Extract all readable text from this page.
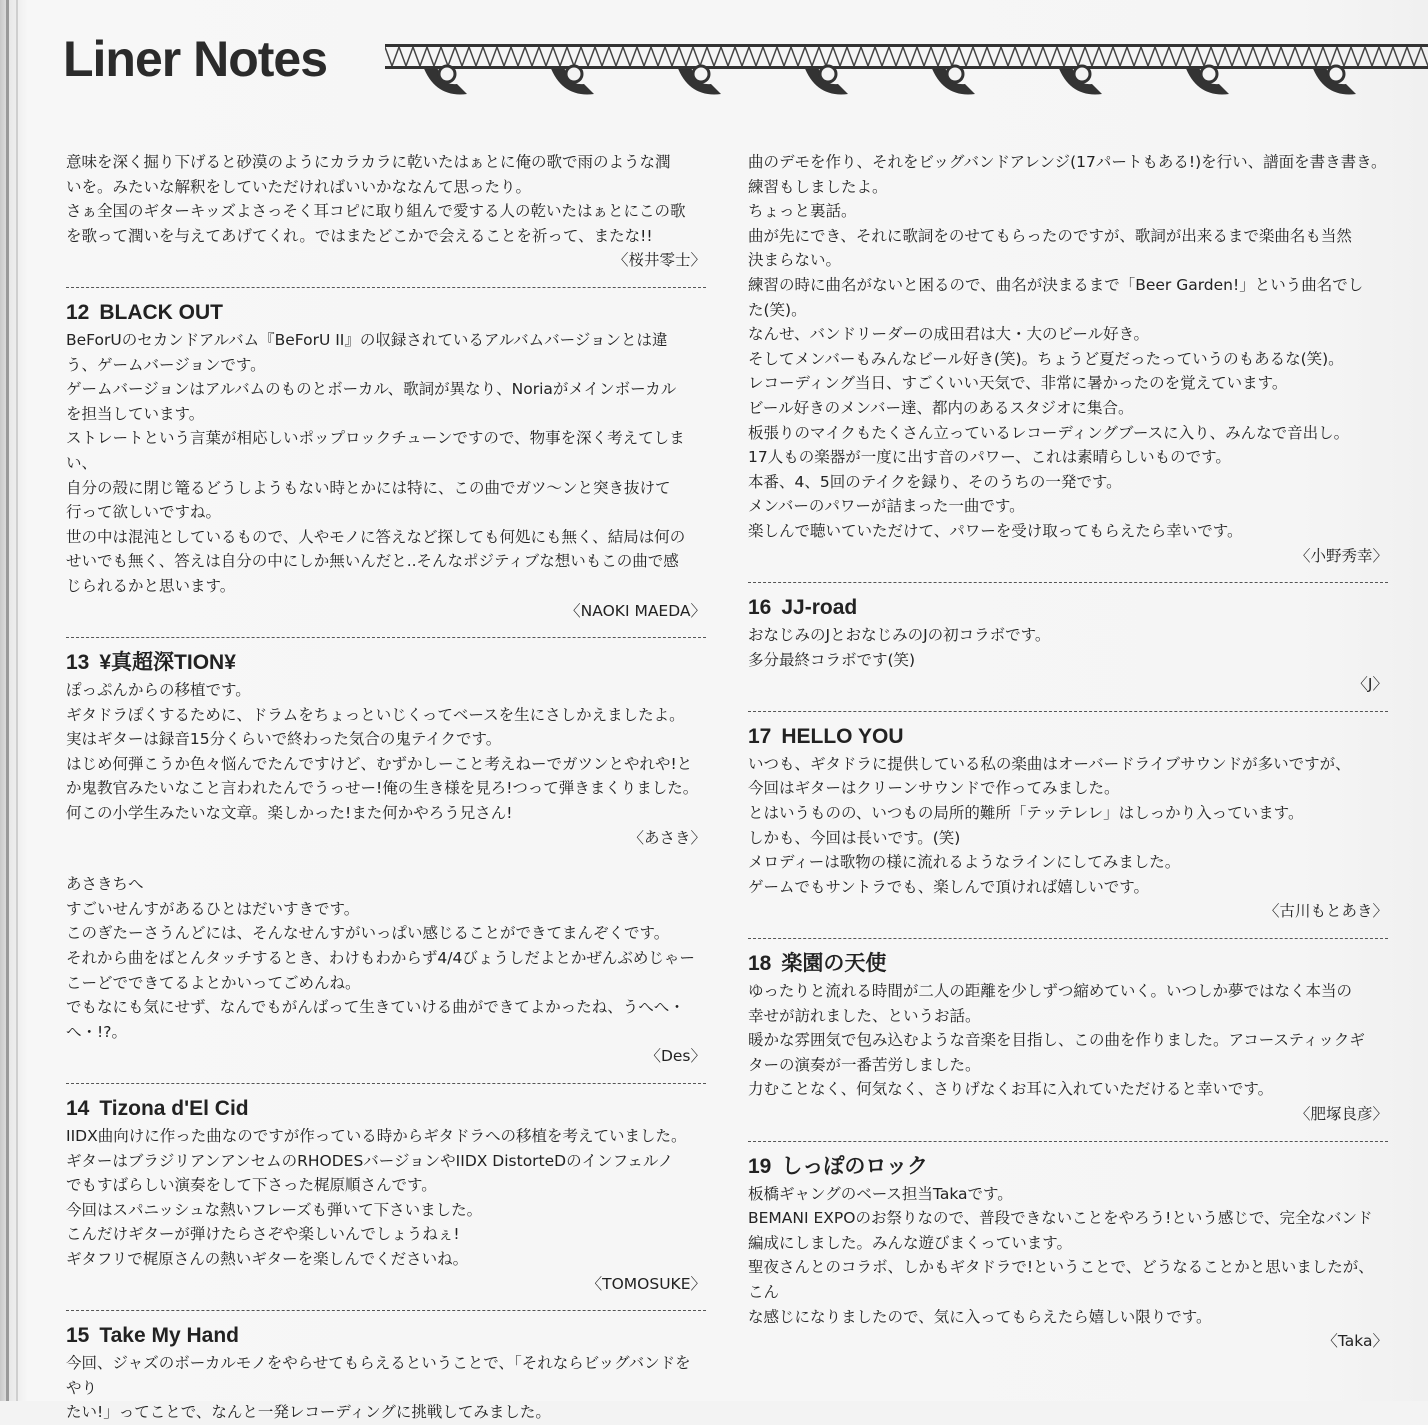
Liner Notes

意味を深く掘り下げると砂漠のようにカラカラに乾いたはぁとに俺の歌で雨のような潤

いを。みたいな解釈をしていただければいいかななんて思ったり。

さぁ全国のギターキッズよさっそく耳コピに取り組んで愛する人の乾いたはぁとにこの歌

を歌って潤いを与えてあげてくれ。ではまたどこかで会えることを祈って、またな!!

〈桜井零士〉

12 BLACK OUT

BeForUのセカンドアルバム『BeForU II』の収録されているアルバムバージョンとは違

う、ゲームバージョンです。

ゲームバージョンはアルバムのものとボーカル、歌詞が異なり、Noriaがメインボーカル

を担当しています。

ストレートという言葉が相応しいポップロックチューンですので、物事を深く考えてしまい、

自分の殻に閉じ篭るどうしようもない時とかには特に、この曲でガツ〜ンと突き抜けて

行って欲しいですね。

世の中は混沌としているもので、人やモノに答えなど探しても何処にも無く、結局は何の

せいでも無く、答えは自分の中にしか無いんだと..そんなポジティブな想いもこの曲で感

じられるかと思います。

〈NAOKI MAEDA〉

13 ¥真超深TION¥

ぽっぷんからの移植です。

ギタドラぽくするために、ドラムをちょっといじくってベースを生にさしかえましたよ。

実はギターは録音15分くらいで終わった気合の鬼テイクです。

はじめ何弾こうか色々悩んでたんですけど、むずかしーこと考えねーでガツンとやれや!と

か鬼教官みたいなこと言われたんでうっせー!俺の生き様を見ろ!つって弾きまくりました。

何この小学生みたいな文章。楽しかった!また何かやろう兄さん!

〈あさき〉

あさきちへ

すごいせんすがあるひとはだいすきです。

このぎたーさうんどには、そんなせんすがいっぱい感じることができてまんぞくです。

それから曲をばとんタッチするとき、わけもわからず4/4びょうしだよとかぜんぶめじゃー

こーどでできてるよとかいってごめんね。

でもなにも気にせず、なんでもがんばって生きていける曲ができてよかったね、うへへ・へ・!?。

〈Des〉

14 Tizona d'El Cid

IIDX曲向けに作った曲なのですが作っている時からギタドラへの移植を考えていました。

ギターはブラジリアンアンセムのRHODESバージョンやIIDX DistorteDのインフェルノ

でもすばらしい演奏をして下さった梶原順さんです。

今回はスパニッシュな熱いフレーズも弾いて下さいました。

こんだけギターが弾けたらさぞや楽しいんでしょうねぇ!

ギタフリで梶原さんの熱いギターを楽しんでくださいね。

〈TOMOSUKE〉

15 Take My Hand

今回、ジャズのボーカルモノをやらせてもらえるということで、「それならビッグバンドをやり

たい!」ってことで、なんと一発レコーディングに挑戦してみました。

曲のデモを作り、それをビッグバンドアレンジ(17パートもある!)を行い、譜面を書き書き。

練習もしましたよ。

ちょっと裏話。

曲が先にでき、それに歌詞をのせてもらったのですが、歌詞が出来るまで楽曲名も当然

決まらない。

練習の時に曲名がないと困るので、曲名が決まるまで「Beer Garden!」という曲名でし

た(笑)。

なんせ、バンドリーダーの成田君は大・大のビール好き。

そしてメンバーもみんなビール好き(笑)。ちょうど夏だったっていうのもあるな(笑)。

レコーディング当日、すごくいい天気で、非常に暑かったのを覚えています。

ビール好きのメンバー達、都内のあるスタジオに集合。

板張りのマイクもたくさん立っているレコーディングブースに入り、みんなで音出し。

17人もの楽器が一度に出す音のパワー、これは素晴らしいものです。

本番、4、5回のテイクを録り、そのうちの一発です。

メンバーのパワーが詰まった一曲です。

楽しんで聴いていただけて、パワーを受け取ってもらえたら幸いです。

〈小野秀幸〉

16 JJ-road

おなじみのJとおなじみのJの初コラボです。

多分最終コラボです(笑)

〈J〉

17 HELLO YOU

いつも、ギタドラに提供している私の楽曲はオーバードライブサウンドが多いですが、

今回はギターはクリーンサウンドで作ってみました。

とはいうものの、いつもの局所的難所「テッテレレ」はしっかり入っています。

しかも、今回は長いです。(笑)

メロディーは歌物の様に流れるようなラインにしてみました。

ゲームでもサントラでも、楽しんで頂ければ嬉しいです。

〈古川もとあき〉

18 楽園の天使

ゆったりと流れる時間が二人の距離を少しずつ縮めていく。いつしか夢ではなく本当の

幸せが訪れました、というお話。

暖かな雰囲気で包み込むような音楽を目指し、この曲を作りました。アコースティックギ

ターの演奏が一番苦労しました。

力むことなく、何気なく、さりげなくお耳に入れていただけると幸いです。

〈肥塚良彦〉

19 しっぽのロック

板橋ギャングのベース担当Takaです。

BEMANI EXPOのお祭りなので、普段できないことをやろう!という感じで、完全なバンド

編成にしました。みんな遊びまくっています。

聖夜さんとのコラボ、しかもギタドラで!ということで、どうなることかと思いましたが、こん

な感じになりましたので、気に入ってもらえたら嬉しい限りです。

〈Taka〉
